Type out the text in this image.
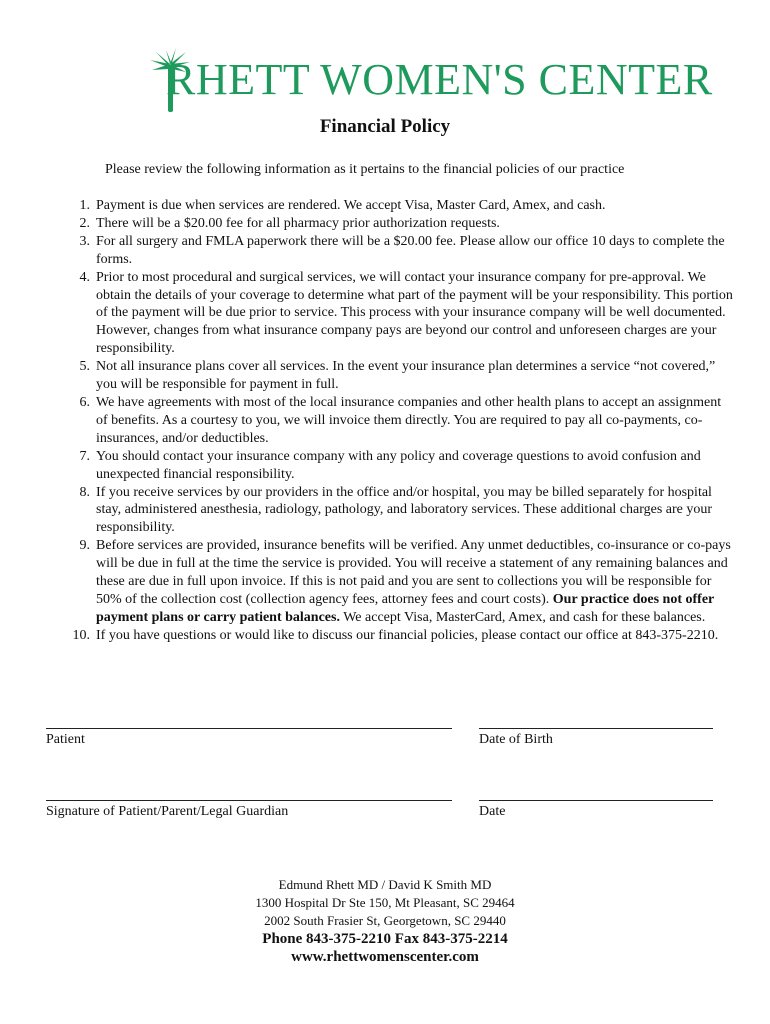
RHETT WOMEN'S CENTER
Financial Policy
Please review the following information as it pertains to the financial policies of our practice
1. Payment is due when services are rendered. We accept Visa, Master Card, Amex, and cash.
2. There will be a $20.00 fee for all pharmacy prior authorization requests.
3. For all surgery and FMLA paperwork there will be a $20.00 fee. Please allow our office 10 days to complete the forms.
4. Prior to most procedural and surgical services, we will contact your insurance company for pre-approval. We obtain the details of your coverage to determine what part of the payment will be your responsibility. This portion of the payment will be due prior to service. This process with your insurance company will be well documented. However, changes from what insurance company pays are beyond our control and unforeseen charges are your responsibility.
5. Not all insurance plans cover all services. In the event your insurance plan determines a service “not covered,” you will be responsible for payment in full.
6. We have agreements with most of the local insurance companies and other health plans to accept an assignment of benefits. As a courtesy to you, we will invoice them directly. You are required to pay all co-payments, co-insurances, and/or deductibles.
7. You should contact your insurance company with any policy and coverage questions to avoid confusion and unexpected financial responsibility.
8. If you receive services by our providers in the office and/or hospital, you may be billed separately for hospital stay, administered anesthesia, radiology, pathology, and laboratory services. These additional charges are your responsibility.
9. Before services are provided, insurance benefits will be verified. Any unmet deductibles, co-insurance or co-pays will be due in full at the time the service is provided. You will receive a statement of any remaining balances and these are due in full upon invoice. If this is not paid and you are sent to collections you will be responsible for 50% of the collection cost (collection agency fees, attorney fees and court costs). Our practice does not offer payment plans or carry patient balances. We accept Visa, MasterCard, Amex, and cash for these balances.
10. If you have questions or would like to discuss our financial policies, please contact our office at 843-375-2210.
Patient	Date of Birth
Signature of Patient/Parent/Legal Guardian	Date
Edmund Rhett MD / David K Smith MD
1300 Hospital Dr Ste 150, Mt Pleasant, SC 29464
2002 South Frasier St, Georgetown, SC 29440
Phone 843-375-2210 Fax 843-375-2214
www.rhettwomenscenter.com
